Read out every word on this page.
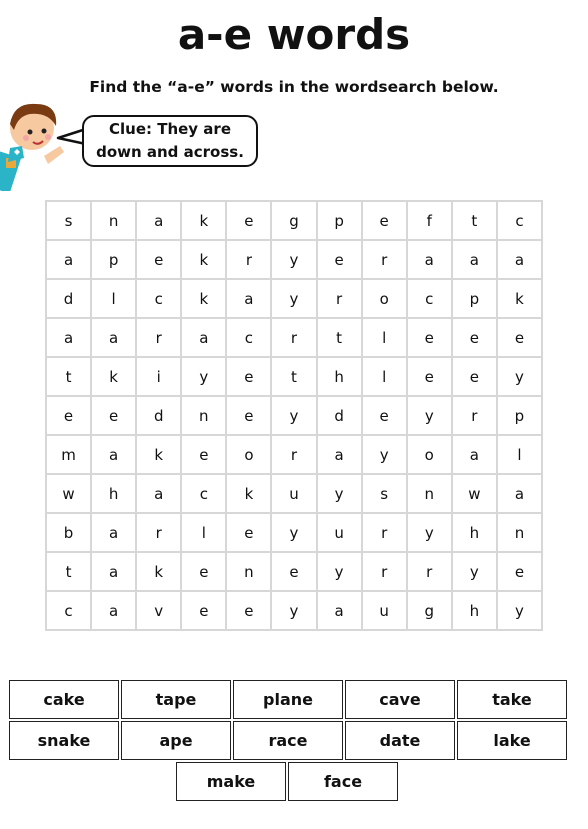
a-e words
Find the “a-e” words in the wordsearch below.
Clue: They are down and across.
s	n	a	k	e	g	p	e	f	t	c
a	p	e	k	r	y	e	r	a	a	a
d	l	c	k	a	y	r	o	c	p	k
a	a	r	a	c	r	t	l	e	e	e
t	k	i	y	e	t	h	l	e	e	y
e	e	d	n	e	y	d	e	y	r	p
m	a	k	e	o	r	a	y	o	a	l
w	h	a	c	k	u	y	s	n	w	a
b	a	r	l	e	y	u	r	y	h	n
t	a	k	e	n	e	y	r	r	y	e
c	a	v	e	e	y	a	u	g	h	y
cake	tape	plane	cave	take
snake	ape	race	date	lake
make	face
